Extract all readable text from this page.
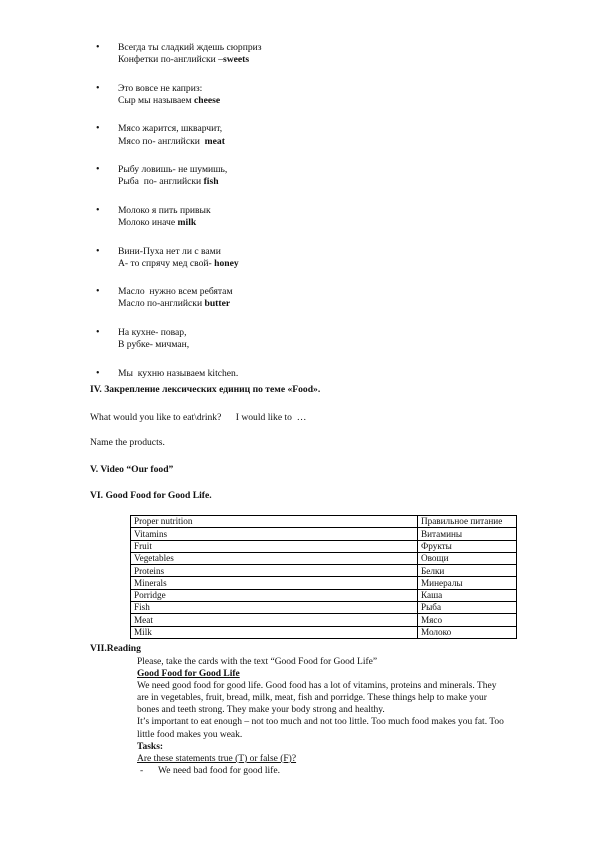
• Всегда ты сладкий ждешь сюрприз
Конфетки по-английски –sweets
• Это вовсе не каприз:
Сыр мы называем cheese
• Мясо жарится, шкварчит,
Мясо по- английски  meat
• Рыбу ловишь- не шумишь,
Рыба  по- английски fish
• Молоко я пить привык
Молоко иначе milk
• Вини-Пуха нет ли с вами
А- то спрячу мед свой- honey
• Масло  нужно всем ребятам
Масло по-английски butter
• На кухне- повар,
В рубке- мичман,
• Мы  кухню называем kitchen.
IV. Закрепление лексических единиц по теме «Food».
What would you like to eat\drink?      I would like to  …
Name the products.
V. Video “Our food”
VI. Good Food for Good Life.
Proper nutrition	Правильное питание
Vitamins	Витамины
Fruit	Фрукты
Vegetables	Овощи
Proteins	Белки
Minerals	Минералы
Porridge	Каша
Fish	Рыба
Meat	Мясо
Milk	Молоко
VII.Reading

Please, take the cards with the text “Good Food for Good Life”

Good Food for Good Life

We need good food for good life. Good food has a lot of vitamins, proteins and minerals. They are in vegetables, fruit, bread, milk, meat, fish and porridge. These things help to make your bones and teeth strong. They make your body strong and healthy.

It’s important to eat enough – not too much and not too little. Too much food makes you fat. Too little food makes you weak.

Tasks:

Are these statements true (T) or false (F)?

- We need bad food for good life.
